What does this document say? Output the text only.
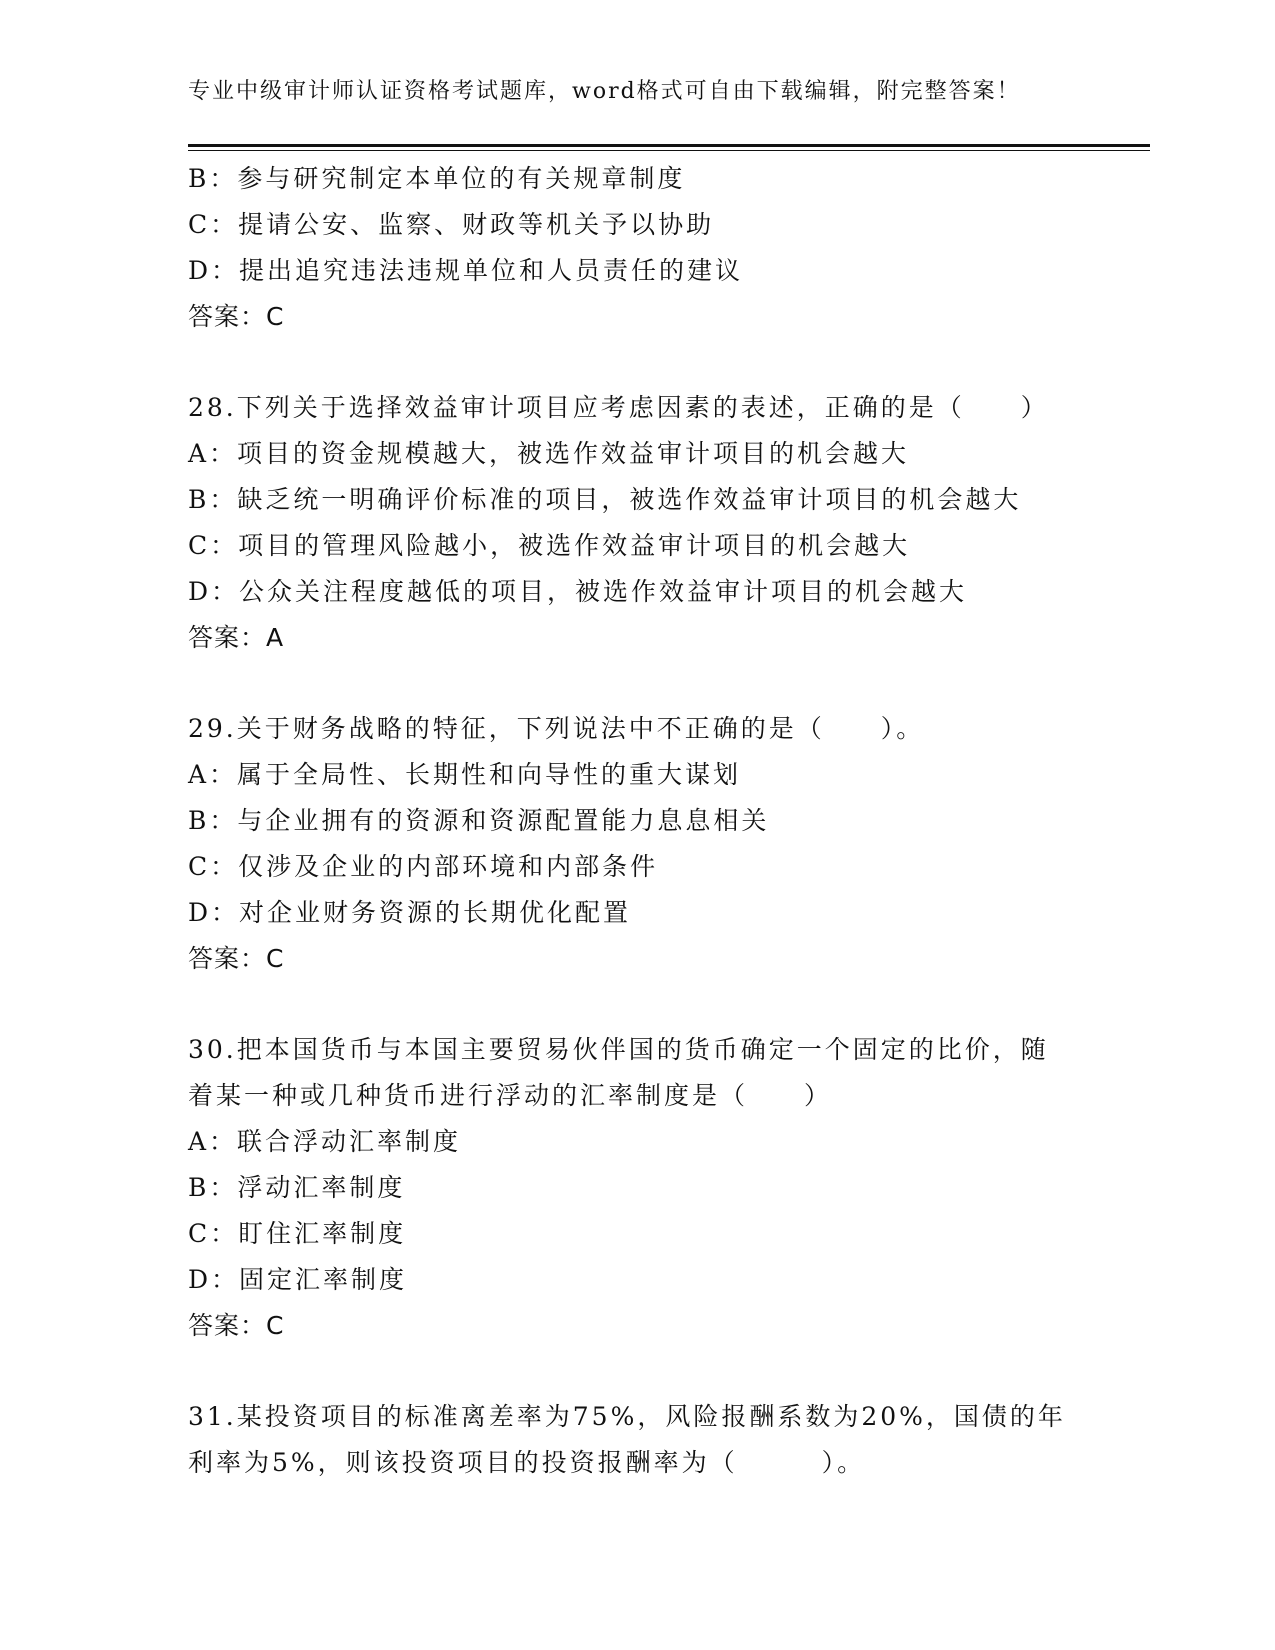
专业中级审计师认证资格考试题库，word格式可自由下载编辑，附完整答案！
B：参与研究制定本单位的有关规章制度
C：提请公安、监察、财政等机关予以协助
D：提出追究违法违规单位和人员责任的建议
答案：C
28.下列关于选择效益审计项目应考虑因素的表述，正确的是（　　）
A：项目的资金规模越大，被选作效益审计项目的机会越大
B：缺乏统一明确评价标准的项目，被选作效益审计项目的机会越大
C：项目的管理风险越小，被选作效益审计项目的机会越大
D：公众关注程度越低的项目，被选作效益审计项目的机会越大
答案：A
29.关于财务战略的特征，下列说法中不正确的是（　　）。
A：属于全局性、长期性和向导性的重大谋划
B：与企业拥有的资源和资源配置能力息息相关
C：仅涉及企业的内部环境和内部条件
D：对企业财务资源的长期优化配置
答案：C
30.把本国货币与本国主要贸易伙伴国的货币确定一个固定的比价，随
着某一种或几种货币进行浮动的汇率制度是（　　）
A：联合浮动汇率制度
B：浮动汇率制度
C：盯住汇率制度
D：固定汇率制度
答案：C
31.某投资项目的标准离差率为75%，风险报酬系数为20%，国债的年
利率为5%，则该投资项目的投资报酬率为（　　　）。
